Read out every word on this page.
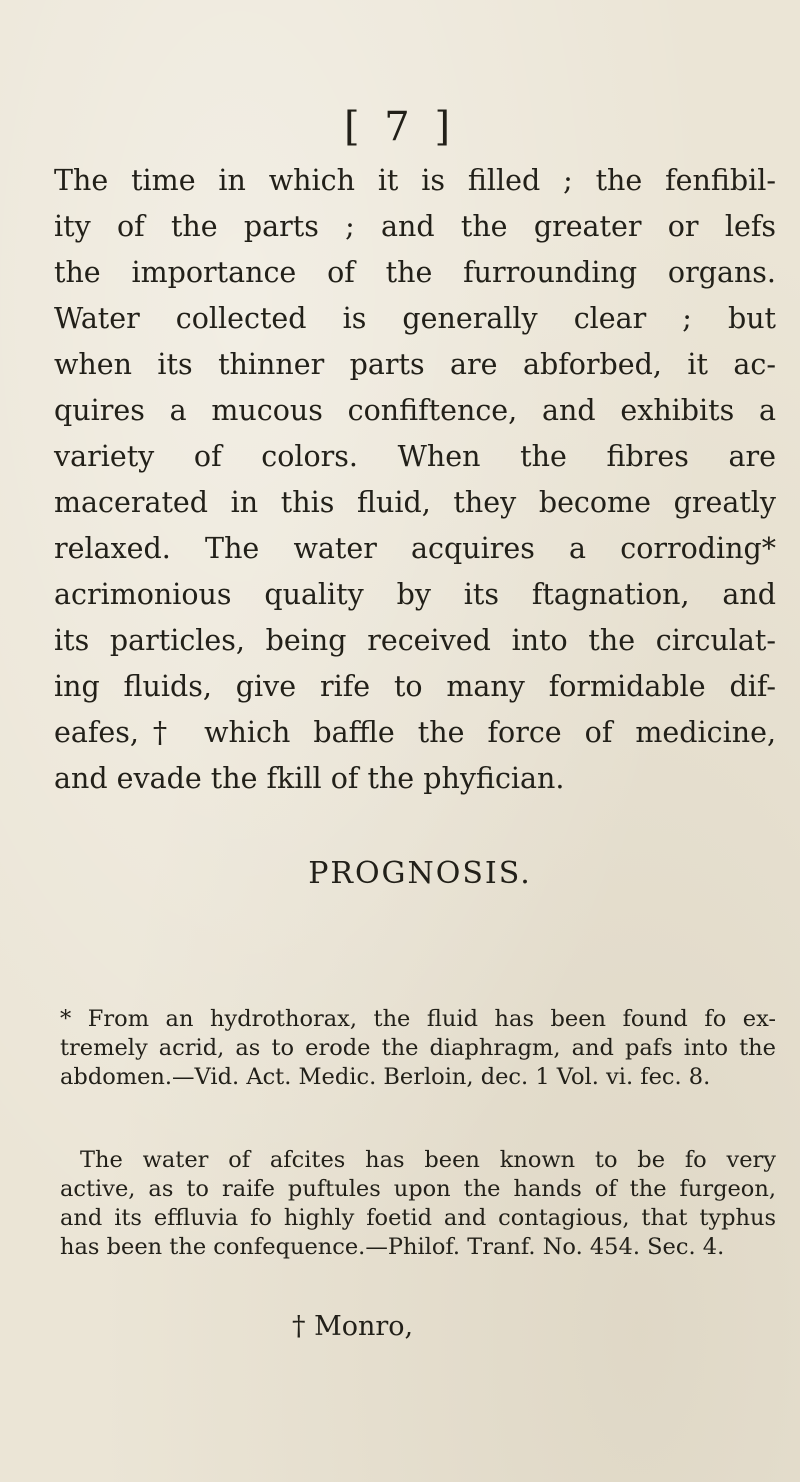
[ 7 ]
The time in which it is filled ; the fenfibil-
ity of the parts ; and the greater or lefs
the importance of the furrounding organs.
Water collected is generally clear ; but
when its thinner parts are abforbed, it ac-
quires a mucous confiftence, and exhibits a
variety of colors. When the fibres are
macerated in this fluid, they become greatly
relaxed. The water acquires a corroding*
acrimonious quality by its ftagnation, and
its particles, being received into the circulat-
ing fluids, give rife to many formidable dif-
eafes,† which baffle the force of medicine,
and evade the fkill of the phyfician.
PROGNOSIS.
* From an hydrothorax, the fluid has been found fo ex-
tremely acrid, as to erode the diaphragm, and pafs into the
abdomen.—Vid. Act. Medic. Berloin, dec. 1 Vol. vi. fec. 8.
The water of afcites has been known to be fo very
active, as to raife puftules upon the hands of the furgeon,
and its effluvia fo highly foetid and contagious, that typhus
has been the confequence.—Philof. Tranf. No. 454. Sec. 4.
† Monro,
